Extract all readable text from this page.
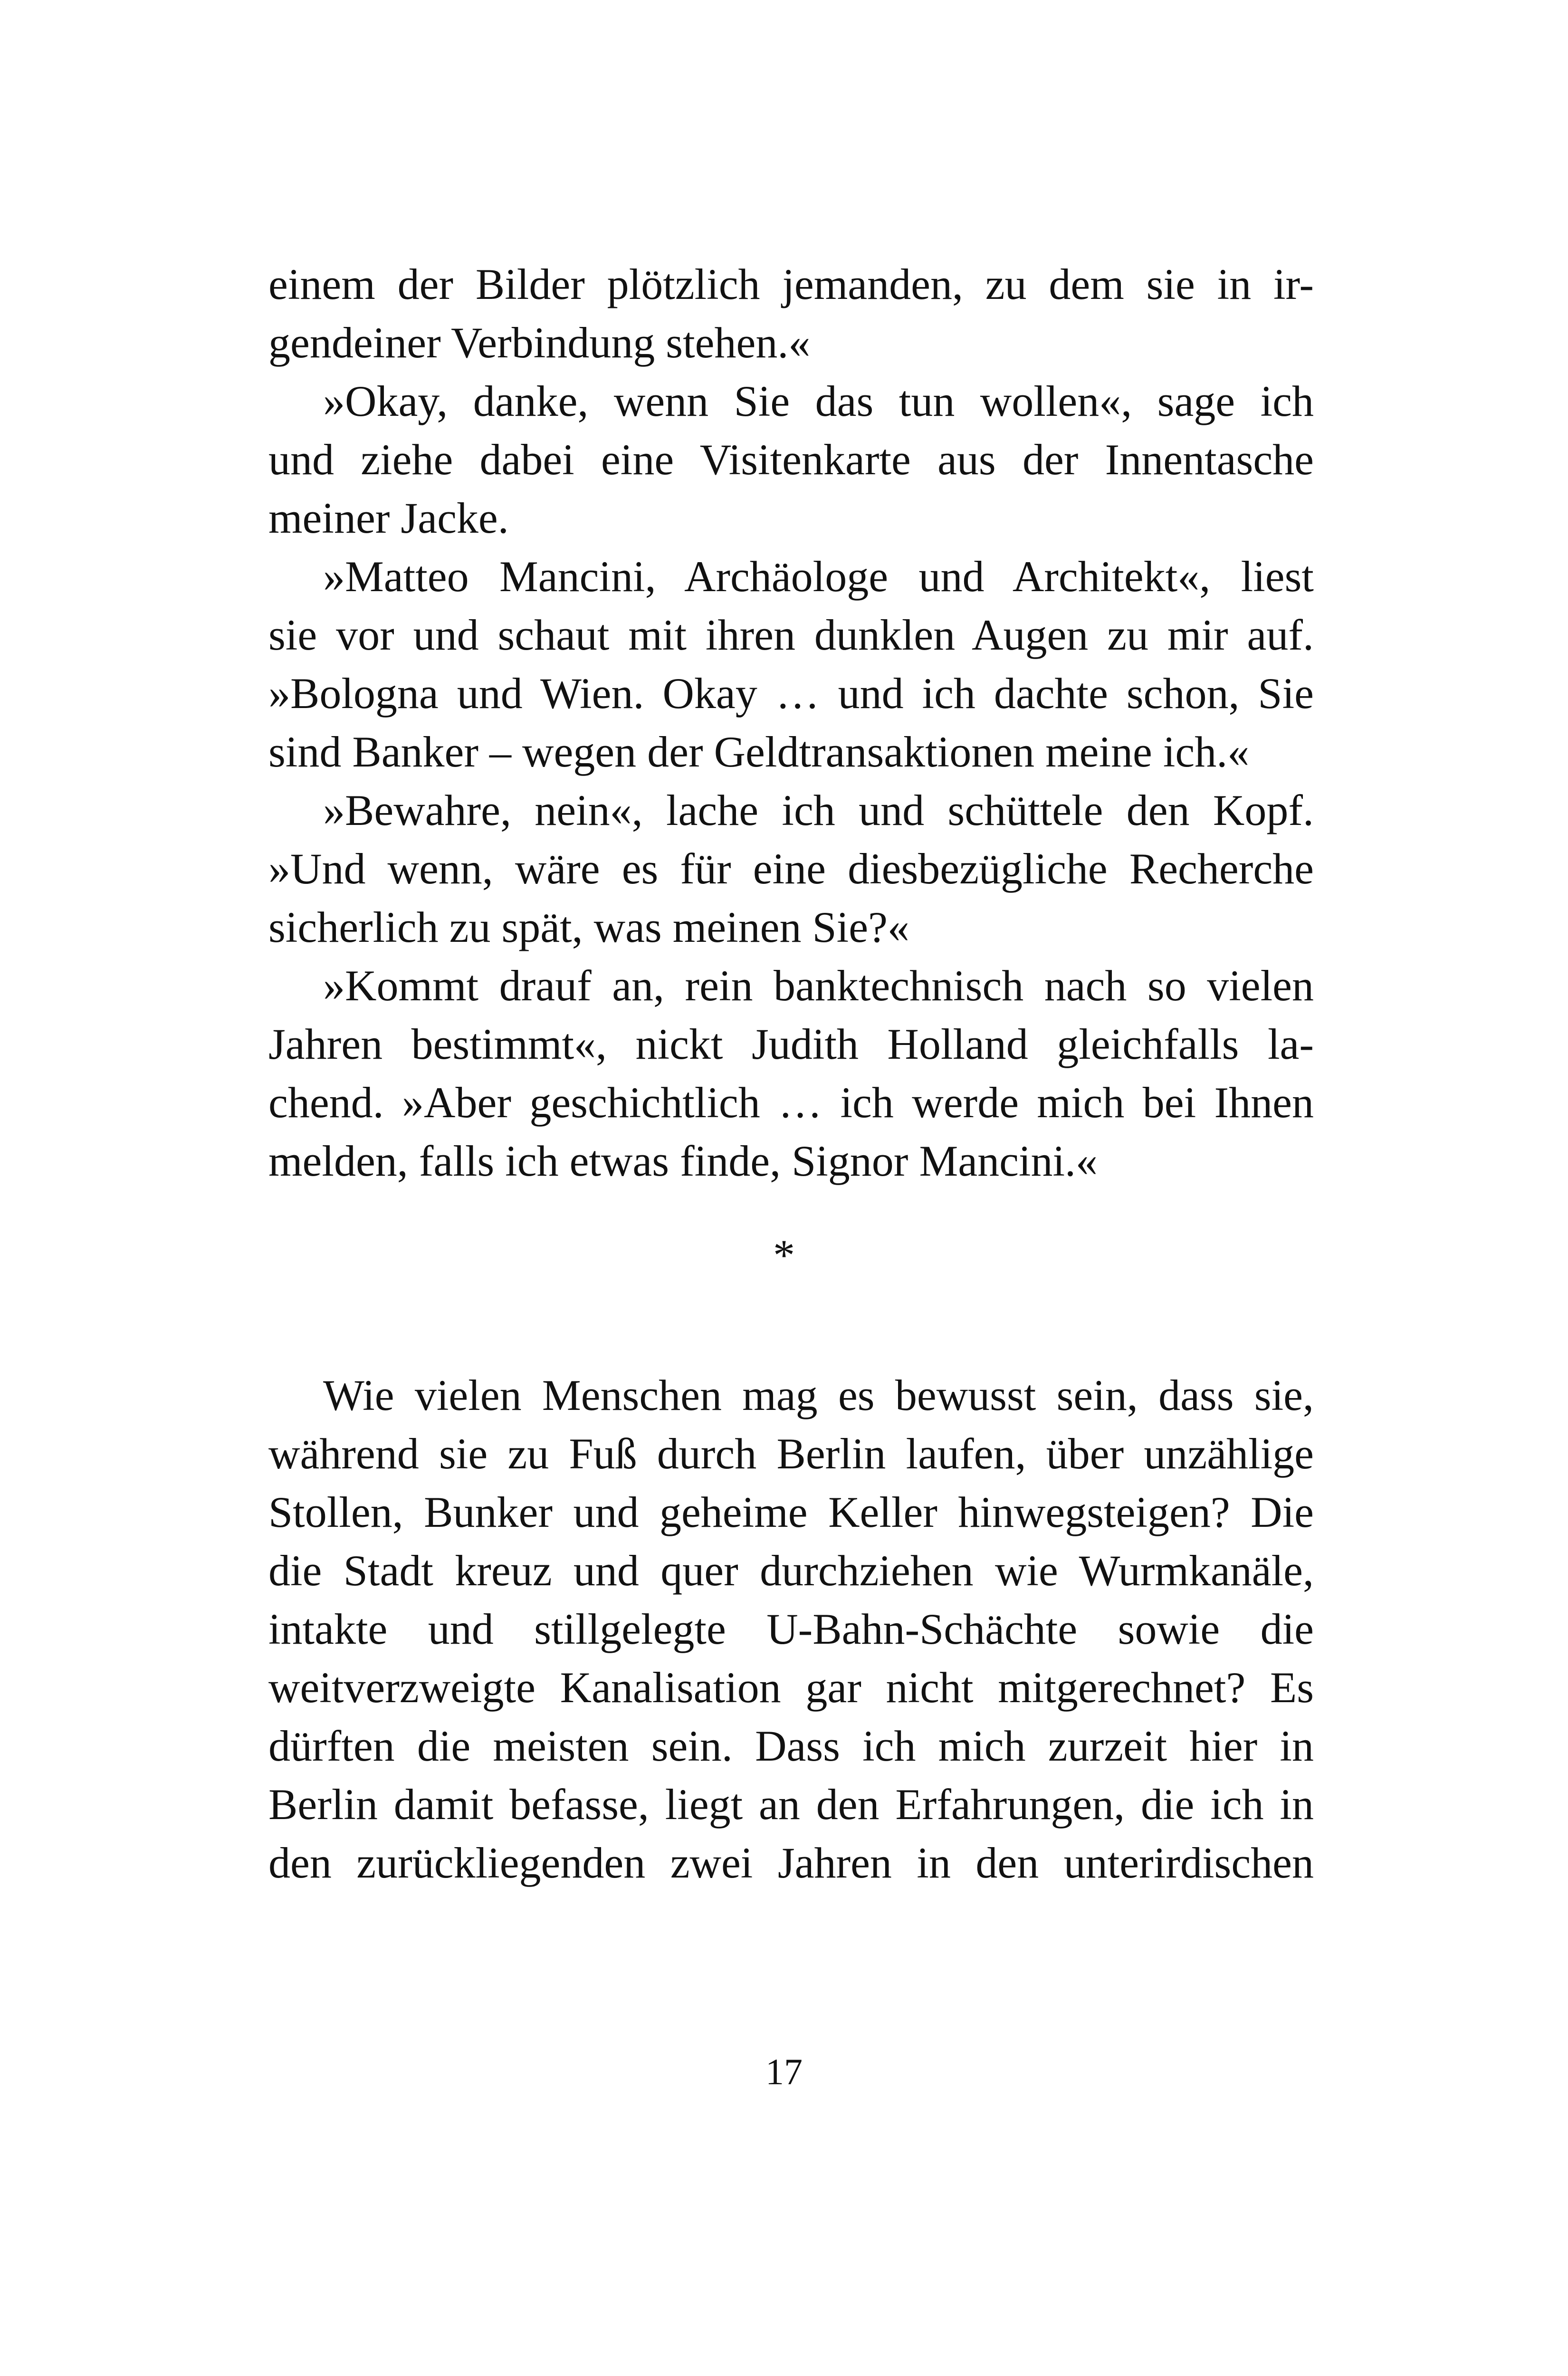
einem der Bilder plötzlich jemanden, zu dem sie in ir-
gendeiner Verbindung stehen.«
»Okay, danke, wenn Sie das tun wollen«, sage ich
und ziehe dabei eine Visitenkarte aus der Innentasche
meiner Jacke.
»Matteo Mancini, Archäologe und Architekt«, liest
sie vor und schaut mit ihren dunklen Augen zu mir auf.
»Bologna und Wien. Okay … und ich dachte schon, Sie
sind Banker – wegen der Geldtransaktionen meine ich.«
»Bewahre, nein«, lache ich und schüttele den Kopf.
»Und wenn, wäre es für eine diesbezügliche Recherche
sicherlich zu spät, was meinen Sie?«
»Kommt drauf an, rein banktechnisch nach so vielen
Jahren bestimmt«, nickt Judith Holland gleichfalls la-
chend. »Aber geschichtlich … ich werde mich bei Ihnen
melden, falls ich etwas finde, Signor Mancini.«
*
Wie vielen Menschen mag es bewusst sein, dass sie,
während sie zu Fuß durch Berlin laufen, über unzählige
Stollen, Bunker und geheime Keller hinwegsteigen? Die
die Stadt kreuz und quer durchziehen wie Wurmkanäle,
intakte und stillgelegte U-Bahn-Schächte sowie die
weitverzweigte Kanalisation gar nicht mitgerechnet? Es
dürften die meisten sein. Dass ich mich zurzeit hier in
Berlin damit befasse, liegt an den Erfahrungen, die ich in
den zurückliegenden zwei Jahren in den unterirdischen
17
